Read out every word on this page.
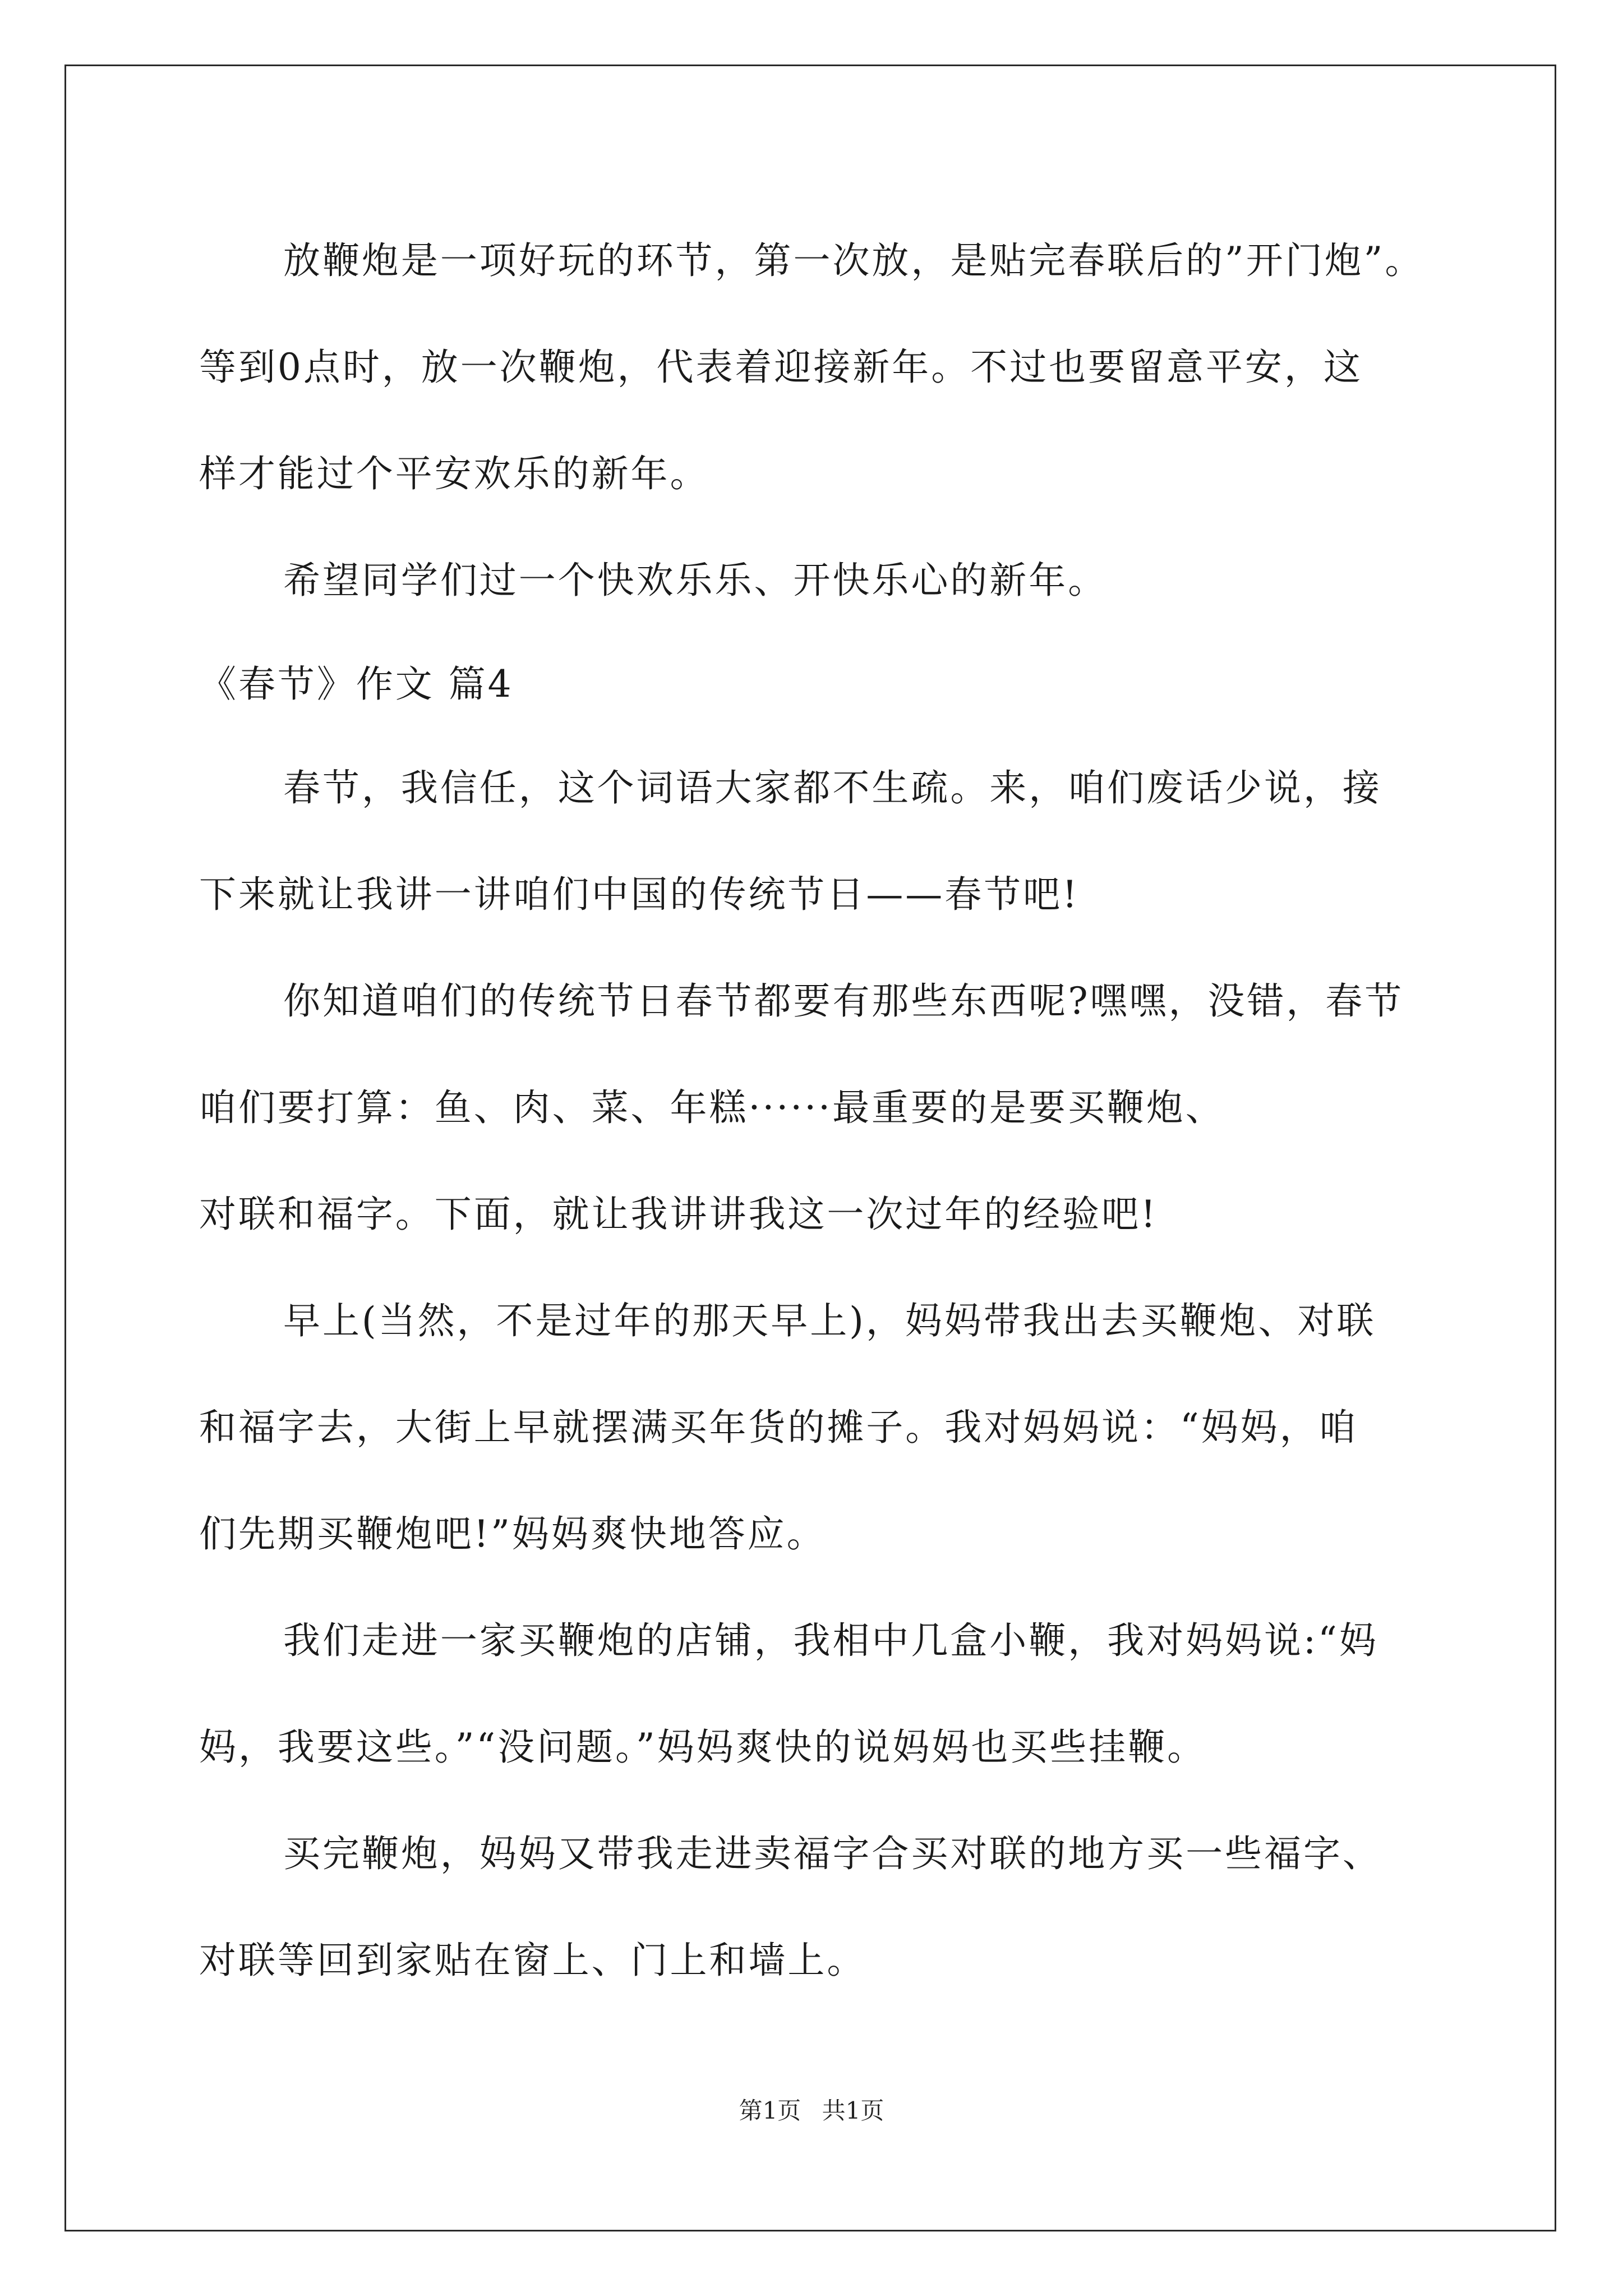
放鞭炮是一项好玩的环节，第一次放，是贴完春联后的”开门炮”。
等到0点时，放一次鞭炮，代表着迎接新年。不过也要留意平安，这
样才能过个平安欢乐的新年。
希望同学们过一个快欢乐乐、开快乐心的新年。
《春节》作文 篇4
春节，我信任，这个词语大家都不生疏。来，咱们废话少说，接
下来就让我讲一讲咱们中国的传统节日——春节吧!
你知道咱们的传统节日春节都要有那些东西呢?嘿嘿，没错，春节
咱们要打算：鱼、肉、菜、年糕······最重要的是要买鞭炮、
对联和福字。下面，就让我讲讲我这一次过年的经验吧!
早上(当然，不是过年的那天早上)，妈妈带我出去买鞭炮、对联
和福字去，大街上早就摆满买年货的摊子。我对妈妈说：“妈妈，咱
们先期买鞭炮吧!”妈妈爽快地答应。
我们走进一家买鞭炮的店铺，我相中几盒小鞭，我对妈妈说:“妈
妈，我要这些。”“没问题。”妈妈爽快的说妈妈也买些挂鞭。
买完鞭炮，妈妈又带我走进卖福字合买对联的地方买一些福字、
对联等回到家贴在窗上、门上和墙上。
第1页 共1页
